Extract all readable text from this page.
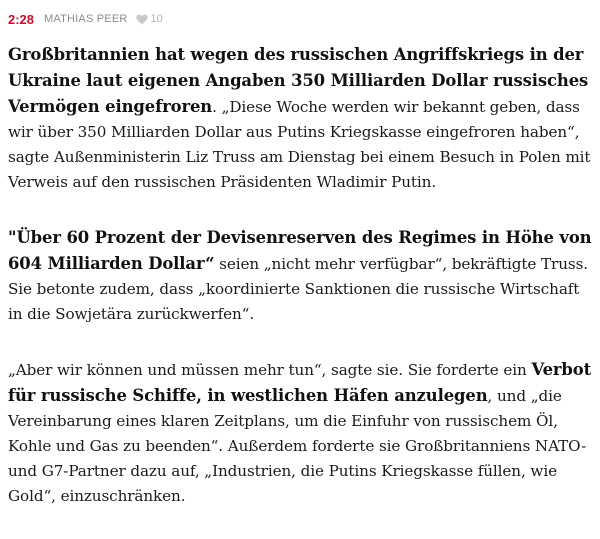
2:28 MATHIAS PEER 10

Großbritannien hat wegen des russischen Angriffskriegs in der Ukraine laut eigenen Angaben 350 Milliarden Dollar russisches Vermögen eingefroren. „Diese Woche werden wir bekannt geben, dass wir über 350 Milliarden Dollar aus Putins Kriegskasse eingefroren haben“, sagte Außenministerin Liz Truss am Dienstag bei einem Besuch in Polen mit Verweis auf den russischen Präsidenten Wladimir Putin.

"Über 60 Prozent der Devisenreserven des Regimes in Höhe von 604 Milliarden Dollar“ seien „nicht mehr verfügbar“, bekräftigte Truss. Sie betonte zudem, dass „koordinierte Sanktionen die russische Wirtschaft in die Sowjetära zurückwerfen“.

„Aber wir können und müssen mehr tun“, sagte sie. Sie forderte ein Verbot für russische Schiffe, in westlichen Häfen anzulegen, und „die Vereinbarung eines klaren Zeitplans, um die Einfuhr von russischem Öl, Kohle und Gas zu beenden“. Außerdem forderte sie Großbritanniens NATO- und G7-Partner dazu auf, „Industrien, die Putins Kriegskasse füllen, wie Gold“, einzuschränken.
